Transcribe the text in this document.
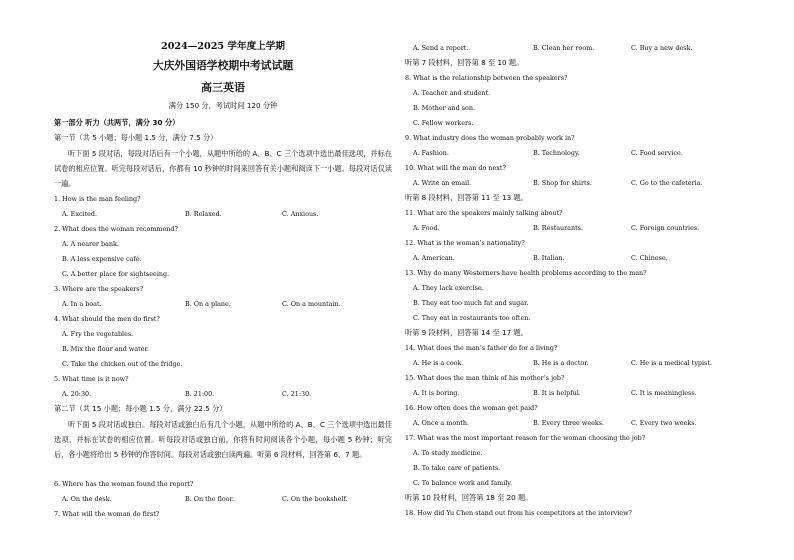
2024—2025 学年度上学期
大庆外国语学校期中考试试题
高三英语
满分 150 分，考试时间 120 分钟
第一部分 听力（共两节，满分 30 分）
第一节（共 5 小题；每小题 1.5 分，满分 7.5 分）
听下面 5 段对话，每段对话后有一个小题，从题中所给的 A、B、C 三个选项中选出最佳选项，并标在试卷的相应位置。听完每段对话后，你都有 10 秒钟的时间来回答有关小题和阅读下一小题。每段对话仅读一遍。
1. How is the man feeling?
A. Excited.	B. Relaxed.	C. Anxious.
2. What does the woman recommend?
A. A nearer bank.
B. A less expensive café.
C. A better place for sightseeing.
3. Where are the speakers?
A. In a boat.	B. On a plane.	C. On a mountain.
4. What should the men do first?
A. Fry the vegetables.
B. Mix the flour and water.
C. Take the chicken out of the fridge.
5. What time is it now?
A. 20:30.	B. 21:00.	C. 21:30.
第二节（共 15 小题；每小题 1.5 分，满分 22.5 分）
听下面 5 段对话或独白。每段对话或独白后有几个小题，从题中所给的 A、B、C 三个选项中选出最佳选项，并标在试卷的相应位置。听每段对话或独白前，你将有时间阅读各个小题，每小题 5 秒钟；听完后，各小题将给出 5 秒钟的作答时间。每段对话或独白读两遍。听第 6 段材料，回答第 6、7 题。
6. Where has the woman found the report?
A. On the desk.	B. On the floor.	C. On the bookshelf.
7. What will the woman do first?
A. Send a report.	B. Clean her room.	C. Buy a new desk.
听第 7 段材料，回答第 8 至 10 题。
8. What is the relationship between the speakers?
A. Teacher and student.
B. Mother and son.
C. Fellow workers.
9. What industry does the woman probably work in?
A. Fashion.	B. Technology.	C. Food service.
10. What will the man do next?
A. Write an email.	B. Shop for shirts.	C. Go to the cafeteria.
听第 8 段材料，回答第 11 至 13 题。
11. What are the speakers mainly talking about?
A. Food.	B. Restaurants.	C. Foreign countries.
12. What is the woman’s nationality?
A. American.	B. Italian.	C. Chinese.
13. Why do many Westerners have health problems according to the man?
A. They lack exercise.
B. They eat too much fat and sugar.
C. They eat in restaurants too often.
听第 9 段材料，回答第 14 至 17 题。
14. What does the man’s father do for a living?
A. He is a cook.	B. He is a doctor.	C. He is a medical typist.
15. What does the man think of his mother’s job?
A. It is boring.	B. It is helpful.	C. It is meaningless.
16. How often does the woman get paid?
A. Once a month.	B. Every three weeks.	C. Every two weeks.
17. What was the most important reason for the woman choosing the job?
A. To study medicine.
B. To take care of patients.
C. To balance work and family.
听第 10 段材料，回答第 18 至 20 题。
18. How did Yu Chen stand out from his competitors at the interview?
